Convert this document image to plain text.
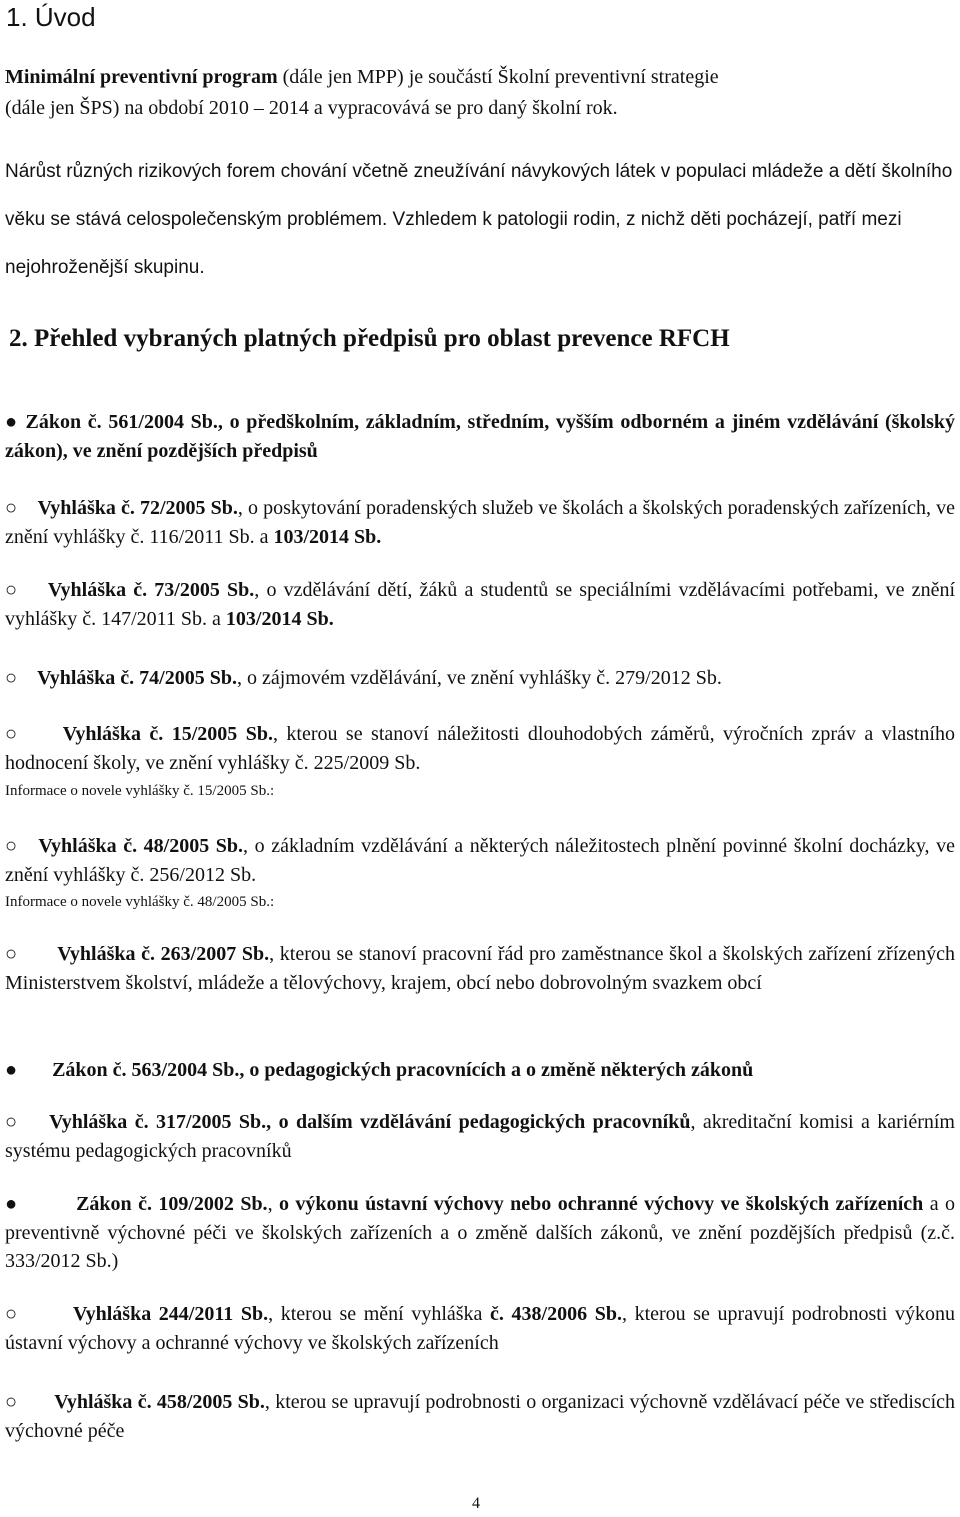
1. Úvod
Minimální preventivní program (dále jen MPP) je součástí Školní preventivní strategie
(dále jen ŠPS) na období 2010 – 2014 a vypracovává se pro daný školní rok.
Nárůst různých rizikových forem chování včetně zneužívání návykových látek v populaci mládeže a dětí školního věku se stává celospolečenským problémem. Vzhledem k patologii rodin, z nichž děti pocházejí, patří mezi nejohroženější skupinu.
2. Přehled vybraných platných předpisů pro oblast prevence RFCH
● Zákon č. 561/2004 Sb., o předškolním, základním, středním, vyšším odborném a jiném vzdělávání (školský zákon), ve znění pozdějších předpisů
○ Vyhláška č. 72/2005 Sb., o poskytování poradenských služeb ve školách a školských poradenských zařízeních, ve znění vyhlášky č. 116/2011 Sb. a 103/2014 Sb.
○ Vyhláška č. 73/2005 Sb., o vzdělávání dětí, žáků a studentů se speciálními vzdělávacími potřebami, ve znění vyhlášky č. 147/2011 Sb. a 103/2014 Sb.
○ Vyhláška č. 74/2005 Sb., o zájmovém vzdělávání, ve znění vyhlášky č. 279/2012 Sb.
○ Vyhláška č. 15/2005 Sb., kterou se stanoví náležitosti dlouhodobých záměrů, výročních zpráv a vlastního hodnocení školy, ve znění vyhlášky č. 225/2009 Sb.
Informace o novele vyhlášky č. 15/2005 Sb.:
○ Vyhláška č. 48/2005 Sb., o základním vzdělávání a některých náležitostech plnění povinné školní docházky, ve znění vyhlášky č. 256/2012 Sb.
Informace o novele vyhlášky č. 48/2005 Sb.:
○ Vyhláška č. 263/2007 Sb., kterou se stanoví pracovní řád pro zaměstnance škol a školských zařízení zřízených Ministerstvem školství, mládeže a tělovýchovy, krajem, obcí nebo dobrovolným svazkem obcí
● Zákon č. 563/2004 Sb., o pedagogických pracovnících a o změně některých zákonů
○ Vyhláška č. 317/2005 Sb., o dalším vzdělávání pedagogických pracovníků, akreditační komisi a kariérním systému pedagogických pracovníků
●	Zákon č. 109/2002 Sb., o výkonu ústavní výchovy nebo ochranné výchovy ve školských zařízeních a o preventivně výchovné péči ve školských zařízeních a o změně dalších zákonů, ve znění pozdějších předpisů (z.č. 333/2012 Sb.)
○	Vyhláška 244/2011 Sb., kterou se mění vyhláška č. 438/2006 Sb., kterou se upravují podrobnosti výkonu ústavní výchovy a ochranné výchovy ve školských zařízeních
○ Vyhláška č. 458/2005 Sb., kterou se upravují podrobnosti o organizaci výchovně vzdělávací péče ve střediscích výchovné péče
4
